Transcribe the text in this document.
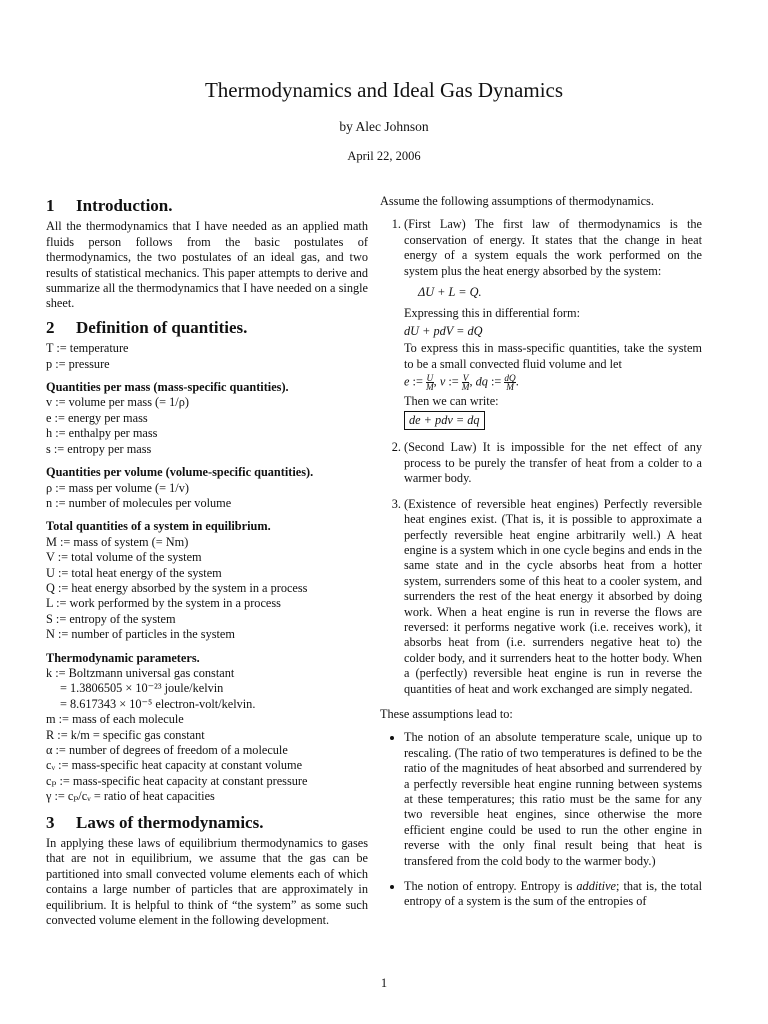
Thermodynamics and Ideal Gas Dynamics
by Alec Johnson
April 22, 2006
1 Introduction.

All the thermodynamics that I have needed as an applied math fluids person follows from the basic postulates of thermodynamics, the two postulates of an ideal gas, and two results of statistical mechanics. This paper attempts to derive and summarize all the thermodynamics that I have needed on a single sheet.

2 Definition of quantities.
T := temperature
p := pressure
Quantities per mass (mass-specific quantities).
v := volume per mass (= 1/ρ)
e := energy per mass
h := enthalpy per mass
s := entropy per mass
Quantities per volume (volume-specific quantities).
ρ := mass per volume (= 1/v)
n := number of molecules per volume
Total quantities of a system in equilibrium.
M := mass of system (= Nm)
V := total volume of the system
U := total heat energy of the system
Q := heat energy absorbed by the system in a process
L := work performed by the system in a process
S := entropy of the system
N := number of particles in the system
Thermodynamic parameters.
k := Boltzmann universal gas constant
= 1.3806505 × 10⁻²³ joule/kelvin
= 8.617343 × 10⁻⁵ electron-volt/kelvin.
m := mass of each molecule
R := k/m = specific gas constant
α := number of degrees of freedom of a molecule
cᵥ := mass-specific heat capacity at constant volume
cₚ := mass-specific heat capacity at constant pressure
γ := cₚ/cᵥ = ratio of heat capacities
3 Laws of thermodynamics.

In applying these laws of equilibrium thermodynamics to gases that are not in equilibrium, we assume that the gas can be partitioned into small convected volume elements each of which contains a large number of particles that are approximately in equilibrium. It is helpful to think of “the system” as some such convected volume element in the following development.

Assume the following assumptions of thermodynamics.

1. (First Law) The first law of thermodynamics is the conservation of energy. It states that the change in heat energy of a system equals the work performed on the system plus the heat energy absorbed by the system:
ΔU + L = Q.
Expressing this in differential form:
dU + pdV = dQ
To express this in mass-specific quantities, take the system to be a small convected fluid volume and let
e := $\frac{U}{M}$ , v := $\frac{V}{M}$ , dq := $\frac{dQ}{M}$ .
Then we can write:
de + pdv = dq
2. (Second Law) It is impossible for the net effect of any process to be purely the transfer of heat from a colder to a warmer body.
3. (Existence of reversible heat engines) Perfectly reversible heat engines exist. (That is, it is possible to approximate a perfectly reversible heat engine arbitrarily well.) A heat engine is a system which in one cycle begins and ends in the same state and in the cycle absorbs heat from a hotter system, surrenders some of this heat to a cooler system, and surrenders the rest of the heat energy it absorbed by doing work. When a heat engine is run in reverse the flows are reversed: it performs negative work (i.e. receives work), it absorbs heat from (i.e. surrenders negative heat to) the colder body, and it surrenders heat to the hotter body. When a (perfectly) reversible heat engine is run in reverse the quantities of heat and work exchanged are simply negated.

These assumptions lead to:

• The notion of an absolute temperature scale, unique up to rescaling. (The ratio of two temperatures is defined to be the ratio of the magnitudes of heat absorbed and surrendered by a perfectly reversible heat engine running between systems at these temperatures; this ratio must be the same for any two reversible heat engines, since otherwise the more efficient engine could be used to run the other engine in reverse with the only final result being that heat is transfered from the cold body to the warmer body.)
• The notion of entropy. Entropy is additive; that is, the total entropy of a system is the sum of the entropies of
1
